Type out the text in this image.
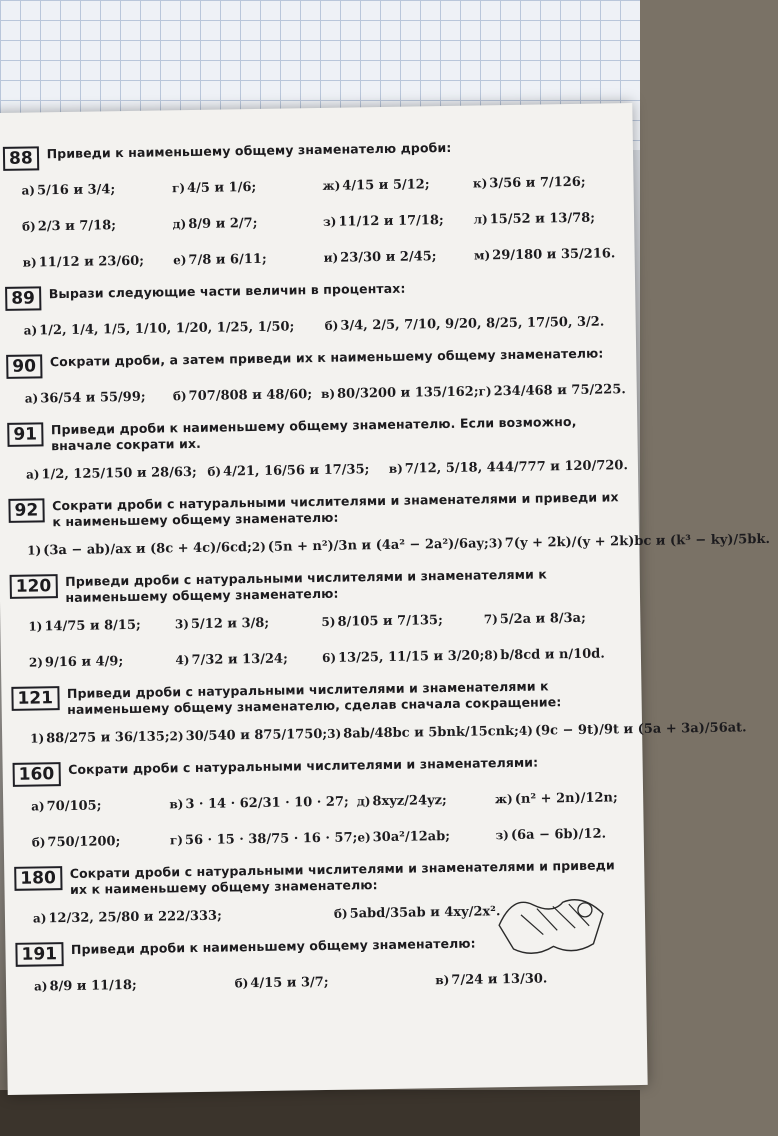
88	Приведи к наименьшему общему знаменателю дроби:
а) 5/16 и 3/4;	г) 4/5 и 1/6;	ж) 4/15 и 5/12;	к) 3/56 и 7/126;
б) 2/3 и 7/18;	д) 8/9 и 2/7;	з) 11/12 и 17/18;	л) 15/52 и 13/78;
в) 11/12 и 23/60;	е) 7/8 и 6/11;	и) 23/30 и 2/45;	м) 29/180 и 35/216.
89	Вырази следующие части величин в процентах:
а) 1/2, 1/4, 1/5, 1/10, 1/20, 1/25, 1/50;	б) 3/4, 2/5, 7/10, 9/20, 8/25, 17/50, 3/2.
90	Сократи дроби, а затем приведи их к наименьшему общему знаменателю:
а) 36/54 и 55/99;	б) 707/808 и 48/60; в) 80/3200 и 135/162; г) 234/468 и 75/225.
91	Приведи дроби к наименьшему общему знаменателю. Если возможно, вначале сократи их.
а) 1/2, 125/150 и 28/63; б) 4/21, 16/56 и 17/35;	в) 7/12, 5/18, 444/777 и 120/720.
92	Сократи дроби с натуральными числителями и знаменателями и приведи их к наименьшему общему знаменателю:
1) (3a − ab)/ax и (8c + 4c)/6cd; 2) (5n + n²)/3n и (4a² − 2a²)/6ay; 3) 7(y + 2k)/(y + 2k)bc и (k³ − ky)/5bk.
120	Приведи дроби с натуральными числителями и знаменателями к наименьшему общему знаменателю:
1) 14/75 и 8/15;	3) 5/12 и 3/8;	5) 8/105 и 7/135;	7) 5/2a и 8/3a;
2) 9/16 и 4/9;	4) 7/32 и 13/24;	6) 13/25, 11/15 и 3/20; 8) b/8cd и n/10d.
121	Приведи дроби с натуральными числителями и знаменателями к наименьшему общему знаменателю, сделав сначала сокращение:
1) 88/275 и 36/135; 2) 30/540 и 875/1750; 3) 8ab/48bc и 5bnk/15cnk; 4) (9c − 9t)/9t и (5a + 3a)/56at.
160	Сократи дроби с натуральными числителями и знаменателями:
а) 70/105;	в) 3 · 14 · 62/31 · 10 · 27; д) 8xyz/24yz;	ж) (n² + 2n)/12n;
б) 750/1200;	г) 56 · 15 · 38/75 · 16 · 57; е) 30a²/12ab;	з) (6a − 6b)/12.
180	Сократи дроби с натуральными числителями и знаменателями и приведи их к наименьшему общему знаменателю:
а) 12/32, 25/80 и 222/333;	б) 5abd/35ab и 4xy/2x².
191	Приведи дроби к наименьшему общему знаменателю:
а) 8/9 и 11/18;	б) 4/15 и 3/7;	в) 7/24 и 13/30.
